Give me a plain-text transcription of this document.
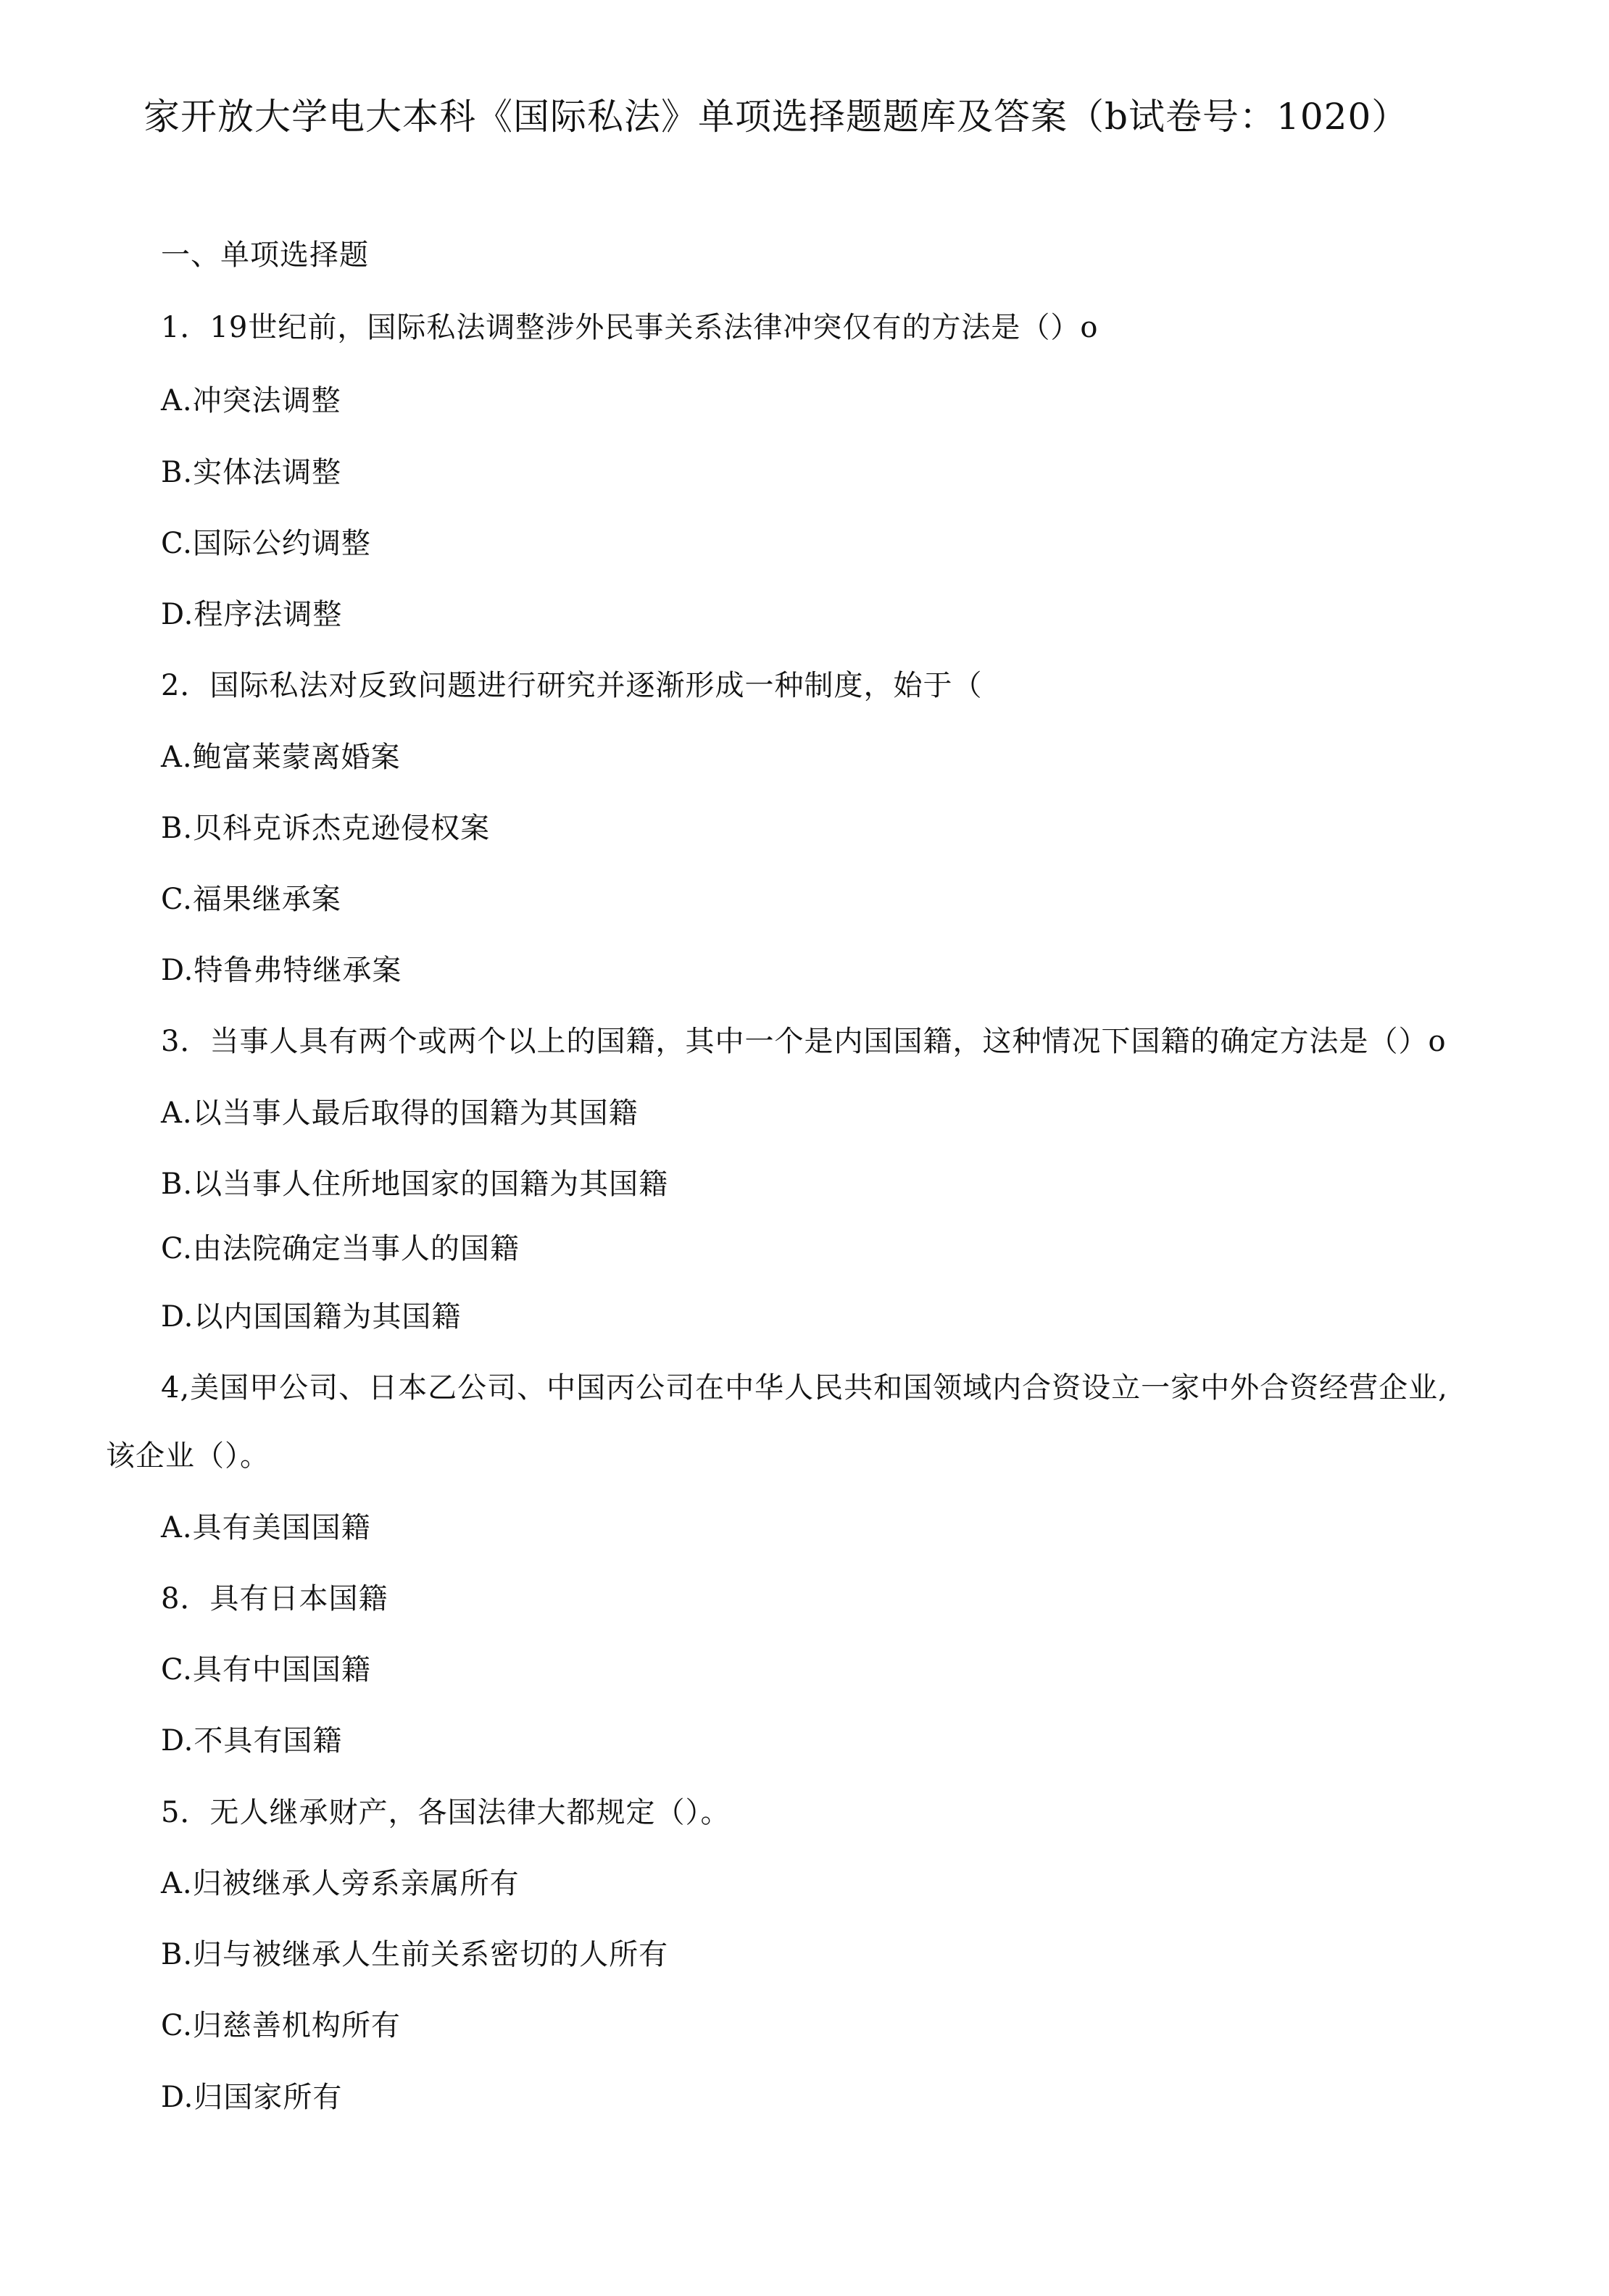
家开放大学电大本科《国际私法》单项选择题题库及答案（b试卷号：1020）

一、单项选择题

1．19世纪前，国际私法调整涉外民事关系法律冲突仅有的方法是（）o

A.冲突法调整

B.实体法调整

C.国际公约调整

D.程序法调整

2．国际私法对反致问题进行研究并逐渐形成一种制度，始于（

A.鲍富莱蒙离婚案

B.贝科克诉杰克逊侵权案

C.福果继承案

D.特鲁弗特继承案

3．当事人具有两个或两个以上的国籍，其中一个是内国国籍，这种情况下国籍的确定方法是（）o

A.以当事人最后取得的国籍为其国籍

B.以当事人住所地国家的国籍为其国籍

C.由法院确定当事人的国籍

D.以内国国籍为其国籍

4,美国甲公司、日本乙公司、中国丙公司在中华人民共和国领域内合资设立一家中外合资经营企业,

该企业（）。

A.具有美国国籍

8．具有日本国籍

C.具有中国国籍

D.不具有国籍

5．无人继承财产，各国法律大都规定（）。

A.归被继承人旁系亲属所有

B.归与被继承人生前关系密切的人所有

C.归慈善机构所有

D.归国家所有
